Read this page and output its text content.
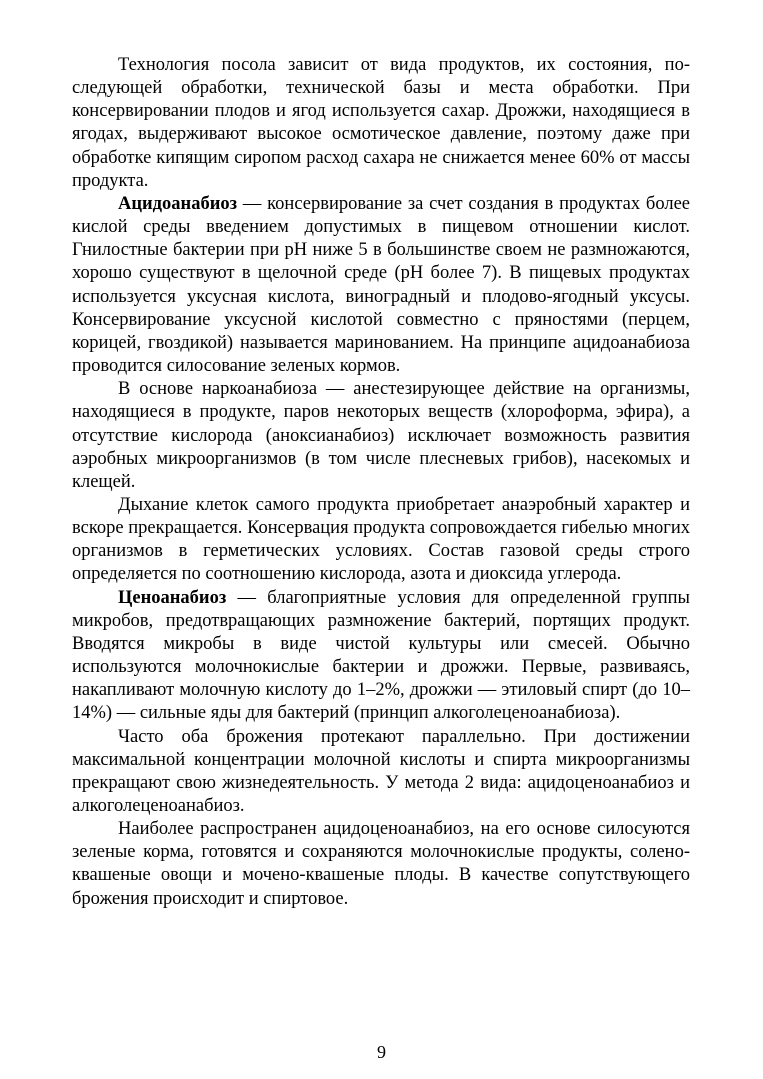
Технология посола зависит от вида продуктов, их состояния, последующей обработки, технической базы и места обработки. При консервировании плодов и ягод используется сахар. Дрожжи, находящиеся в ягодах, выдерживают высокое осмотическое давление, поэтому даже при обработке кипящим сиропом расход сахара не снижается менее 60% от массы продукта.

Ацидоанабиоз — консервирование за счет создания в продуктах более кислой среды введением допустимых в пищевом отношении кислот. Гнилостные бактерии при pH ниже 5 в большинстве своем не размножаются, хорошо существуют в щелочной среде (pH более 7). В пищевых продуктах используется уксусная кислота, виноградный и плодово-ягодный уксусы. Консервирование уксусной кислотой совместно с пряностями (перцем, корицей, гвоздикой) называется маринованием. На принципе ацидоанабиоза проводится силосование зеленых кормов.

В основе наркоанабиоза — анестезирующее действие на организмы, находящиеся в продукте, паров некоторых веществ (хлороформа, эфира), а отсутствие кислорода (аноксианабиоз) исключает возможность развития аэробных микроорганизмов (в том числе плесневых грибов), насекомых и клещей.

Дыхание клеток самого продукта приобретает анаэробный характер и вскоре прекращается. Консервация продукта сопровождается гибелью многих организмов в герметических условиях. Состав газовой среды строго определяется по соотношению кислорода, азота и диоксида углерода.

Ценоанабиоз — благоприятные условия для определенной группы микробов, предотвращающих размножение бактерий, портящих продукт. Вводятся микробы в виде чистой культуры или смесей. Обычно используются молочнокислые бактерии и дрожжи. Первые, развиваясь, накапливают молочную кислоту до 1–2%, дрожжи — этиловый спирт (до 10–14%) — сильные яды для бактерий (принцип алкоголеценоанабиоза).

Часто оба брожения протекают параллельно. При достижении максимальной концентрации молочной кислоты и спирта микроорганизмы прекращают свою жизнедеятельность. У метода 2 вида: ацидоценоанабиоз и алкоголеценоанабиоз.

Наиболее распространен ацидоценоанабиоз, на его основе силосуются зеленые корма, готовятся и сохраняются молочнокислые продукты, солено-квашеные овощи и мочено-квашеные плоды. В качестве сопутствующего брожения происходит и спиртовое.

9
